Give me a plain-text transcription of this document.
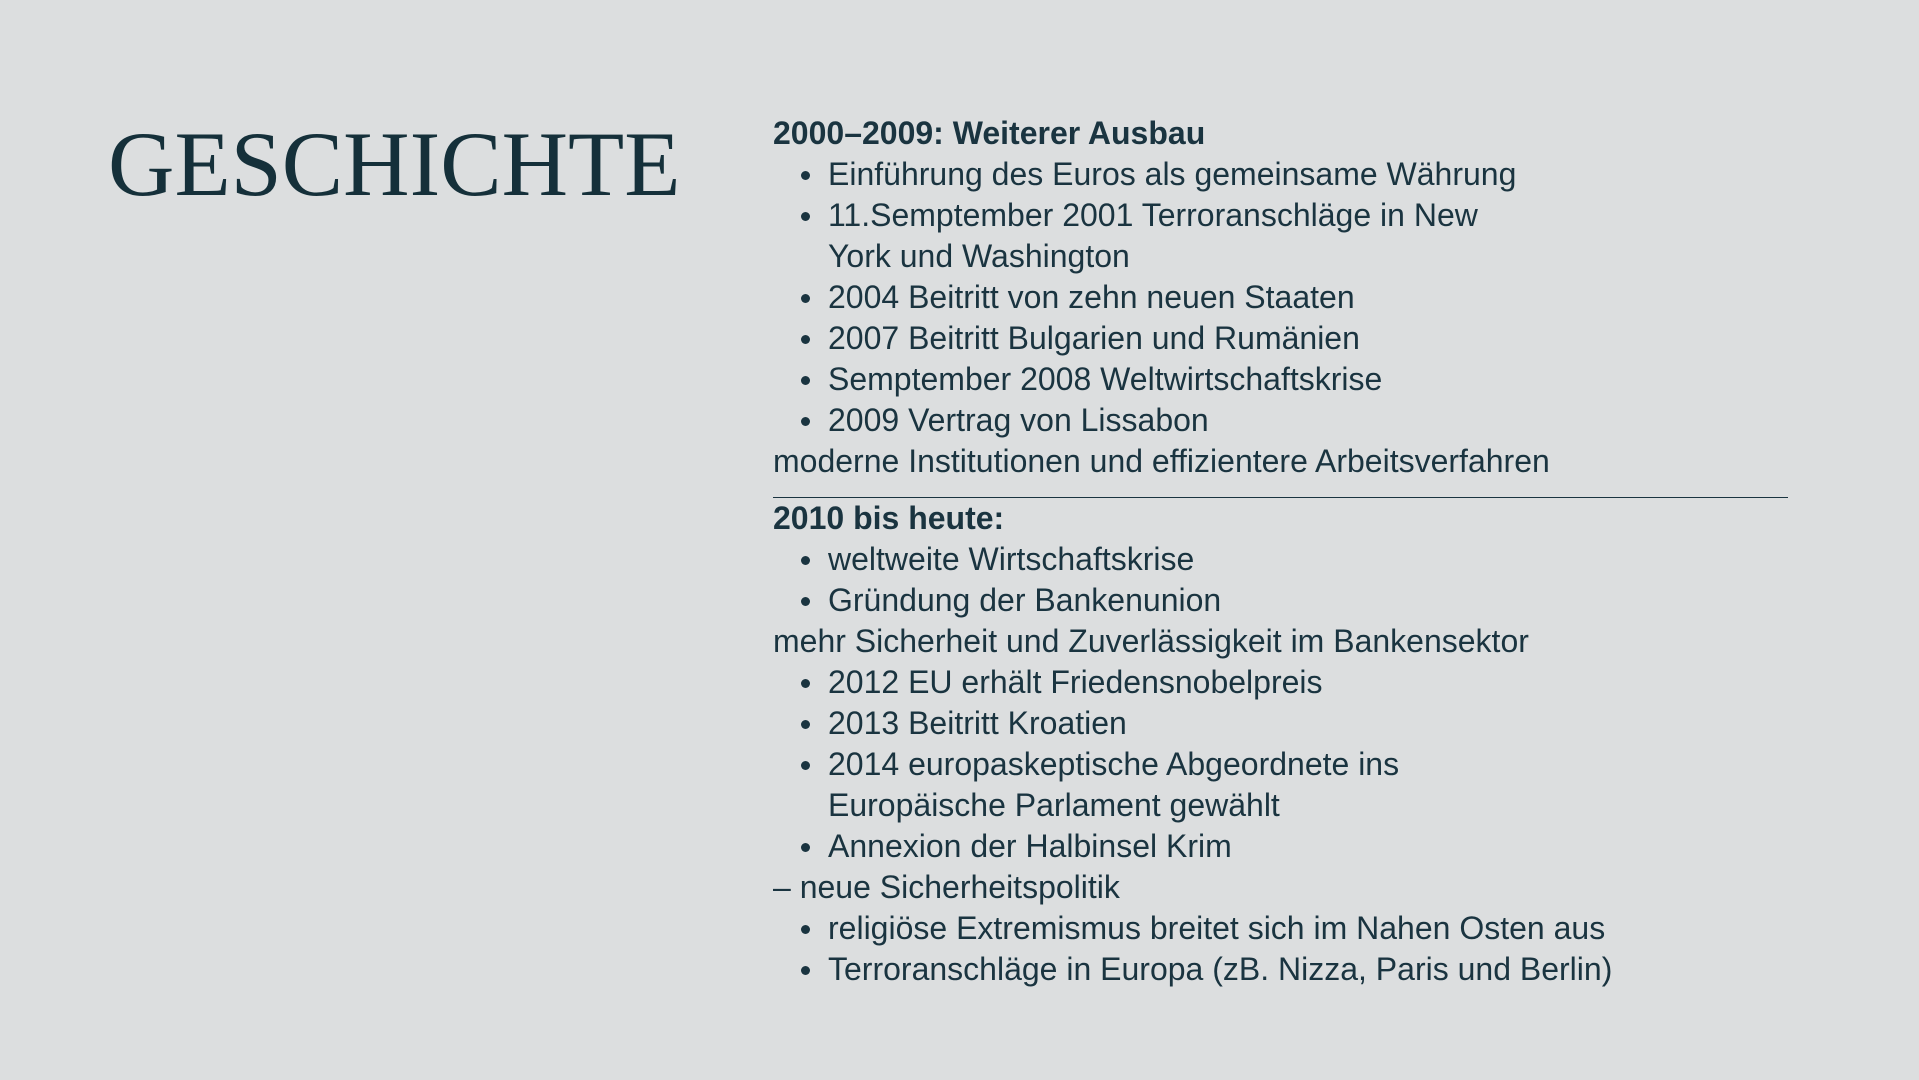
GESCHICHTE	2000–2009: Weiterer Ausbau

Einführung des Euros als gemeinsame Währung
11.Semptember 2001 Terroranschläge in New York und Washington
2004 Beitritt von zehn neuen Staaten
2007 Beitritt Bulgarien und Rumänien
Semptember 2008 Weltwirtschaftskrise
2009 Vertrag von Lissabon

moderne Institutionen und effizientere Arbeitsverfahren

2010 bis heute:

weltweite Wirtschaftskrise
Gründung der Bankenunion

mehr Sicherheit und Zuverlässigkeit im Bankensektor

2012 EU erhält Friedensnobelpreis
2013 Beitritt Kroatien
2014 europaskeptische Abgeordnete ins Europäische Parlament gewählt
Annexion der Halbinsel Krim

– neue Sicherheitspolitik

religiöse Extremismus breitet sich im Nahen Osten aus
Terroranschläge in Europa (zB. Nizza, Paris und Berlin)
